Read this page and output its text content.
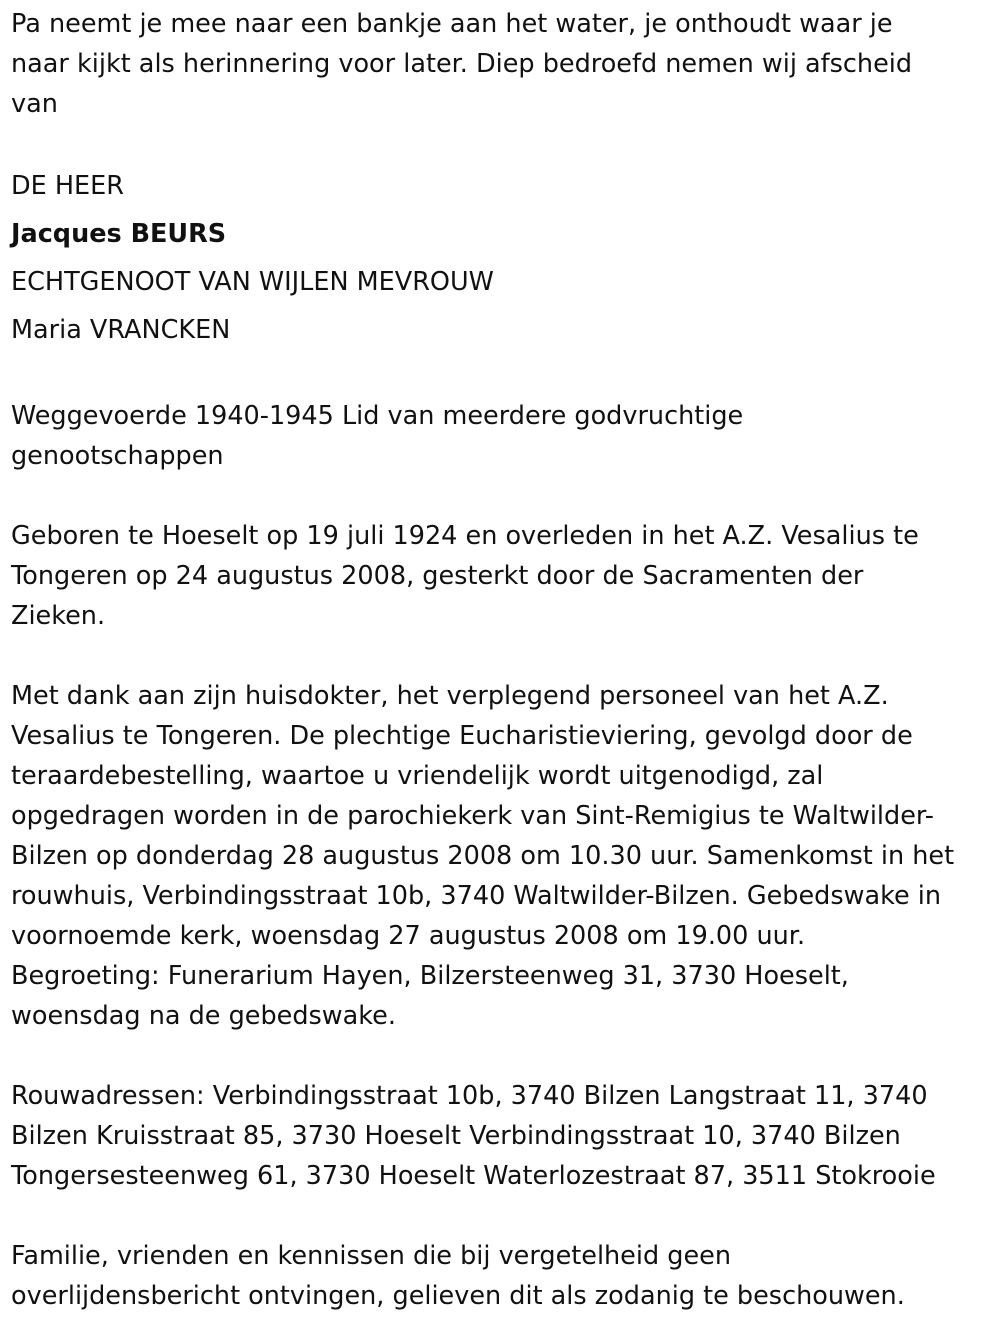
Pa neemt je mee naar een bankje aan het water, je onthoudt waar je
naar kijkt als herinnering voor later. Diep bedroefd nemen wij afscheid
van

DE HEER

Jacques BEURS

ECHTGENOOT VAN WIJLEN MEVROUW

Maria VRANCKEN

Weggevoerde 1940-1945 Lid van meerdere godvruchtige
genootschappen

Geboren te Hoeselt op 19 juli 1924 en overleden in het A.Z. Vesalius te
Tongeren op 24 augustus 2008, gesterkt door de Sacramenten der
Zieken.

Met dank aan zijn huisdokter, het verplegend personeel van het A.Z.
Vesalius te Tongeren. De plechtige Eucharistieviering, gevolgd door de
teraardebestelling, waartoe u vriendelijk wordt uitgenodigd, zal
opgedragen worden in de parochiekerk van Sint-Remigius te Waltwilder-
Bilzen op donderdag 28 augustus 2008 om 10.30 uur. Samenkomst in het
rouwhuis, Verbindingsstraat 10b, 3740 Waltwilder-Bilzen. Gebedswake in
voornoemde kerk, woensdag 27 augustus 2008 om 19.00 uur.
Begroeting: Funerarium Hayen, Bilzersteenweg 31, 3730 Hoeselt,
woensdag na de gebedswake.

Rouwadressen: Verbindingsstraat 10b, 3740 Bilzen Langstraat 11, 3740
Bilzen Kruisstraat 85, 3730 Hoeselt Verbindingsstraat 10, 3740 Bilzen
Tongersesteenweg 61, 3730 Hoeselt Waterlozestraat 87, 3511 Stokrooie

Familie, vrienden en kennissen die bij vergetelheid geen
overlijdensbericht ontvingen, gelieven dit als zodanig te beschouwen.
